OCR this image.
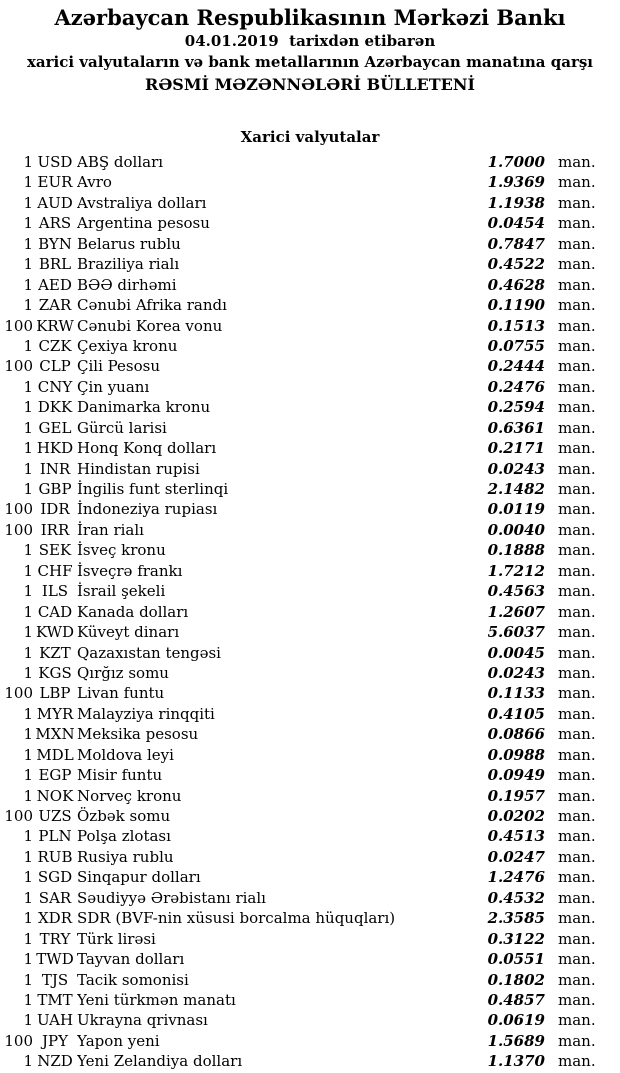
Azərbaycan Respublikasının Mərkəzi Bankı
04.01.2019  tarixdən etibarən
xarici valyutaların və bank metallarının Azərbaycan manatına qarşı
RƏSMİ MƏZƏNNƏLƏRİ BÜLLETENİ
Xarici valyutalar
1 USD ABŞ dolları	1.7000 man.
1 EUR Avro	1.9369 man.
1 AUD Avstraliya dolları	1.1938 man.
1 ARS Argentina pesosu	0.0454 man.
1 BYN Belarus rublu	0.7847 man.
1 BRL Braziliya rialı	0.4522 man.
1 AED BƏƏ dirhəmi	0.4628 man.
1 ZAR Cənubi Afrika randı	0.1190 man.
100 KRW Cənubi Korea vonu	0.1513 man.
1 CZK Çexiya kronu	0.0755 man.
100 CLP Çili Pesosu	0.2444 man.
1 CNY Çin yuanı	0.2476 man.
1 DKK Danimarka kronu	0.2594 man.
1 GEL Gürcü larisi	0.6361 man.
1 HKD Honq Konq dolları	0.2171 man.
1 INR Hindistan rupisi	0.0243 man.
1 GBP İngilis funt sterlinqi	2.1482 man.
100 IDR İndoneziya rupiası	0.0119 man.
100 IRR İran rialı	0.0040 man.
1 SEK İsveç kronu	0.1888 man.
1 CHF İsveçrə frankı	1.7212 man.
1 ILS İsrail şekeli	0.4563 man.
1 CAD Kanada dolları	1.2607 man.
1 KWD Küveyt dinarı	5.6037 man.
1 KZT Qazaxıstan tengəsi	0.0045 man.
1 KGS Qırğız somu	0.0243 man.
100 LBP Livan funtu	0.1133 man.
1 MYR Malayziya rinqqiti	0.4105 man.
1 MXN Meksika pesosu	0.0866 man.
1 MDL Moldova leyi	0.0988 man.
1 EGP Misir funtu	0.0949 man.
1 NOK Norveç kronu	0.1957 man.
100 UZS Özbək somu	0.0202 man.
1 PLN Polşa zlotası	0.4513 man.
1 RUB Rusiya rublu	0.0247 man.
1 SGD Sinqapur dolları	1.2476 man.
1 SAR Səudiyyə Ərəbistanı rialı	0.4532 man.
1 XDR SDR (BVF-nin xüsusi borcalma hüquqları)	2.3585 man.
1 TRY Türk lirəsi	0.3122 man.
1 TWD Tayvan dolları	0.0551 man.
1 TJS Tacik somonisi	0.1802 man.
1 TMT Yeni türkmən manatı	0.4857 man.
1 UAH Ukrayna qrivnası	0.0619 man.
100 JPY Yapon yeni	1.5689 man.
1 NZD Yeni Zelandiya dolları	1.1370 man.
